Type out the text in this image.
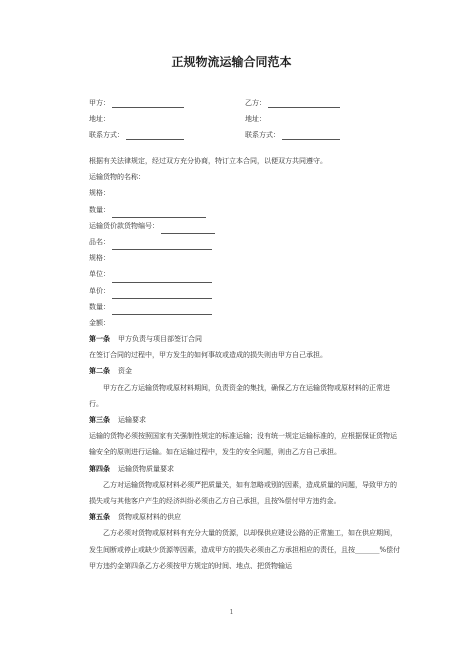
正规物流运输合同范本
甲方：	乙方：
地址：	地址：
联系方式：	联系方式：
根据有关法律规定，经过双方充分协商，特订立本合同，以便双方共同遵守。
运输货物的名称：
规格：
数量：
运输货价款货物编号：
品名：
规格：
单位：
单价：
数量：
金额：
第一条 甲方负责与项目部签订合同
在签订合同的过程中，甲方发生的如何事故或造成的损失则由甲方自己承担。
第二条 资金
甲方在乙方运输货物或原材料期间，负责资金的集找，确保乙方在运输货物或原材料的正常进行。
第三条 运输要求
运输的货物必须按照国家有关强制性规定的标准运输；没有统一规定运输标准的，应根据保证货物运输安全的原则进行运输。如在运输过程中，发生的安全问题，则由乙方自己承担。
第四条 运输货物质量要求
乙方对运输货物或原材料必须严把质量关，如有忽略或别的因素，造成质量的问题，导致甲方的损失或与其他客户产生的经济纠纷必须由乙方自己承担，且按%偿付甲方违约金。
第五条 货物或原材料的供应
乙方必须对货物或原材料有充分大量的货源，以却保供应建设公路的正常施工，如在供应期间，发生间断或停止或缺少货源等因素，造成甲方的损失必须由乙方承担相应的责任，且按_______%偿付甲方违约金第四条乙方必须按甲方规定的时间、地点、把货物输运
1
